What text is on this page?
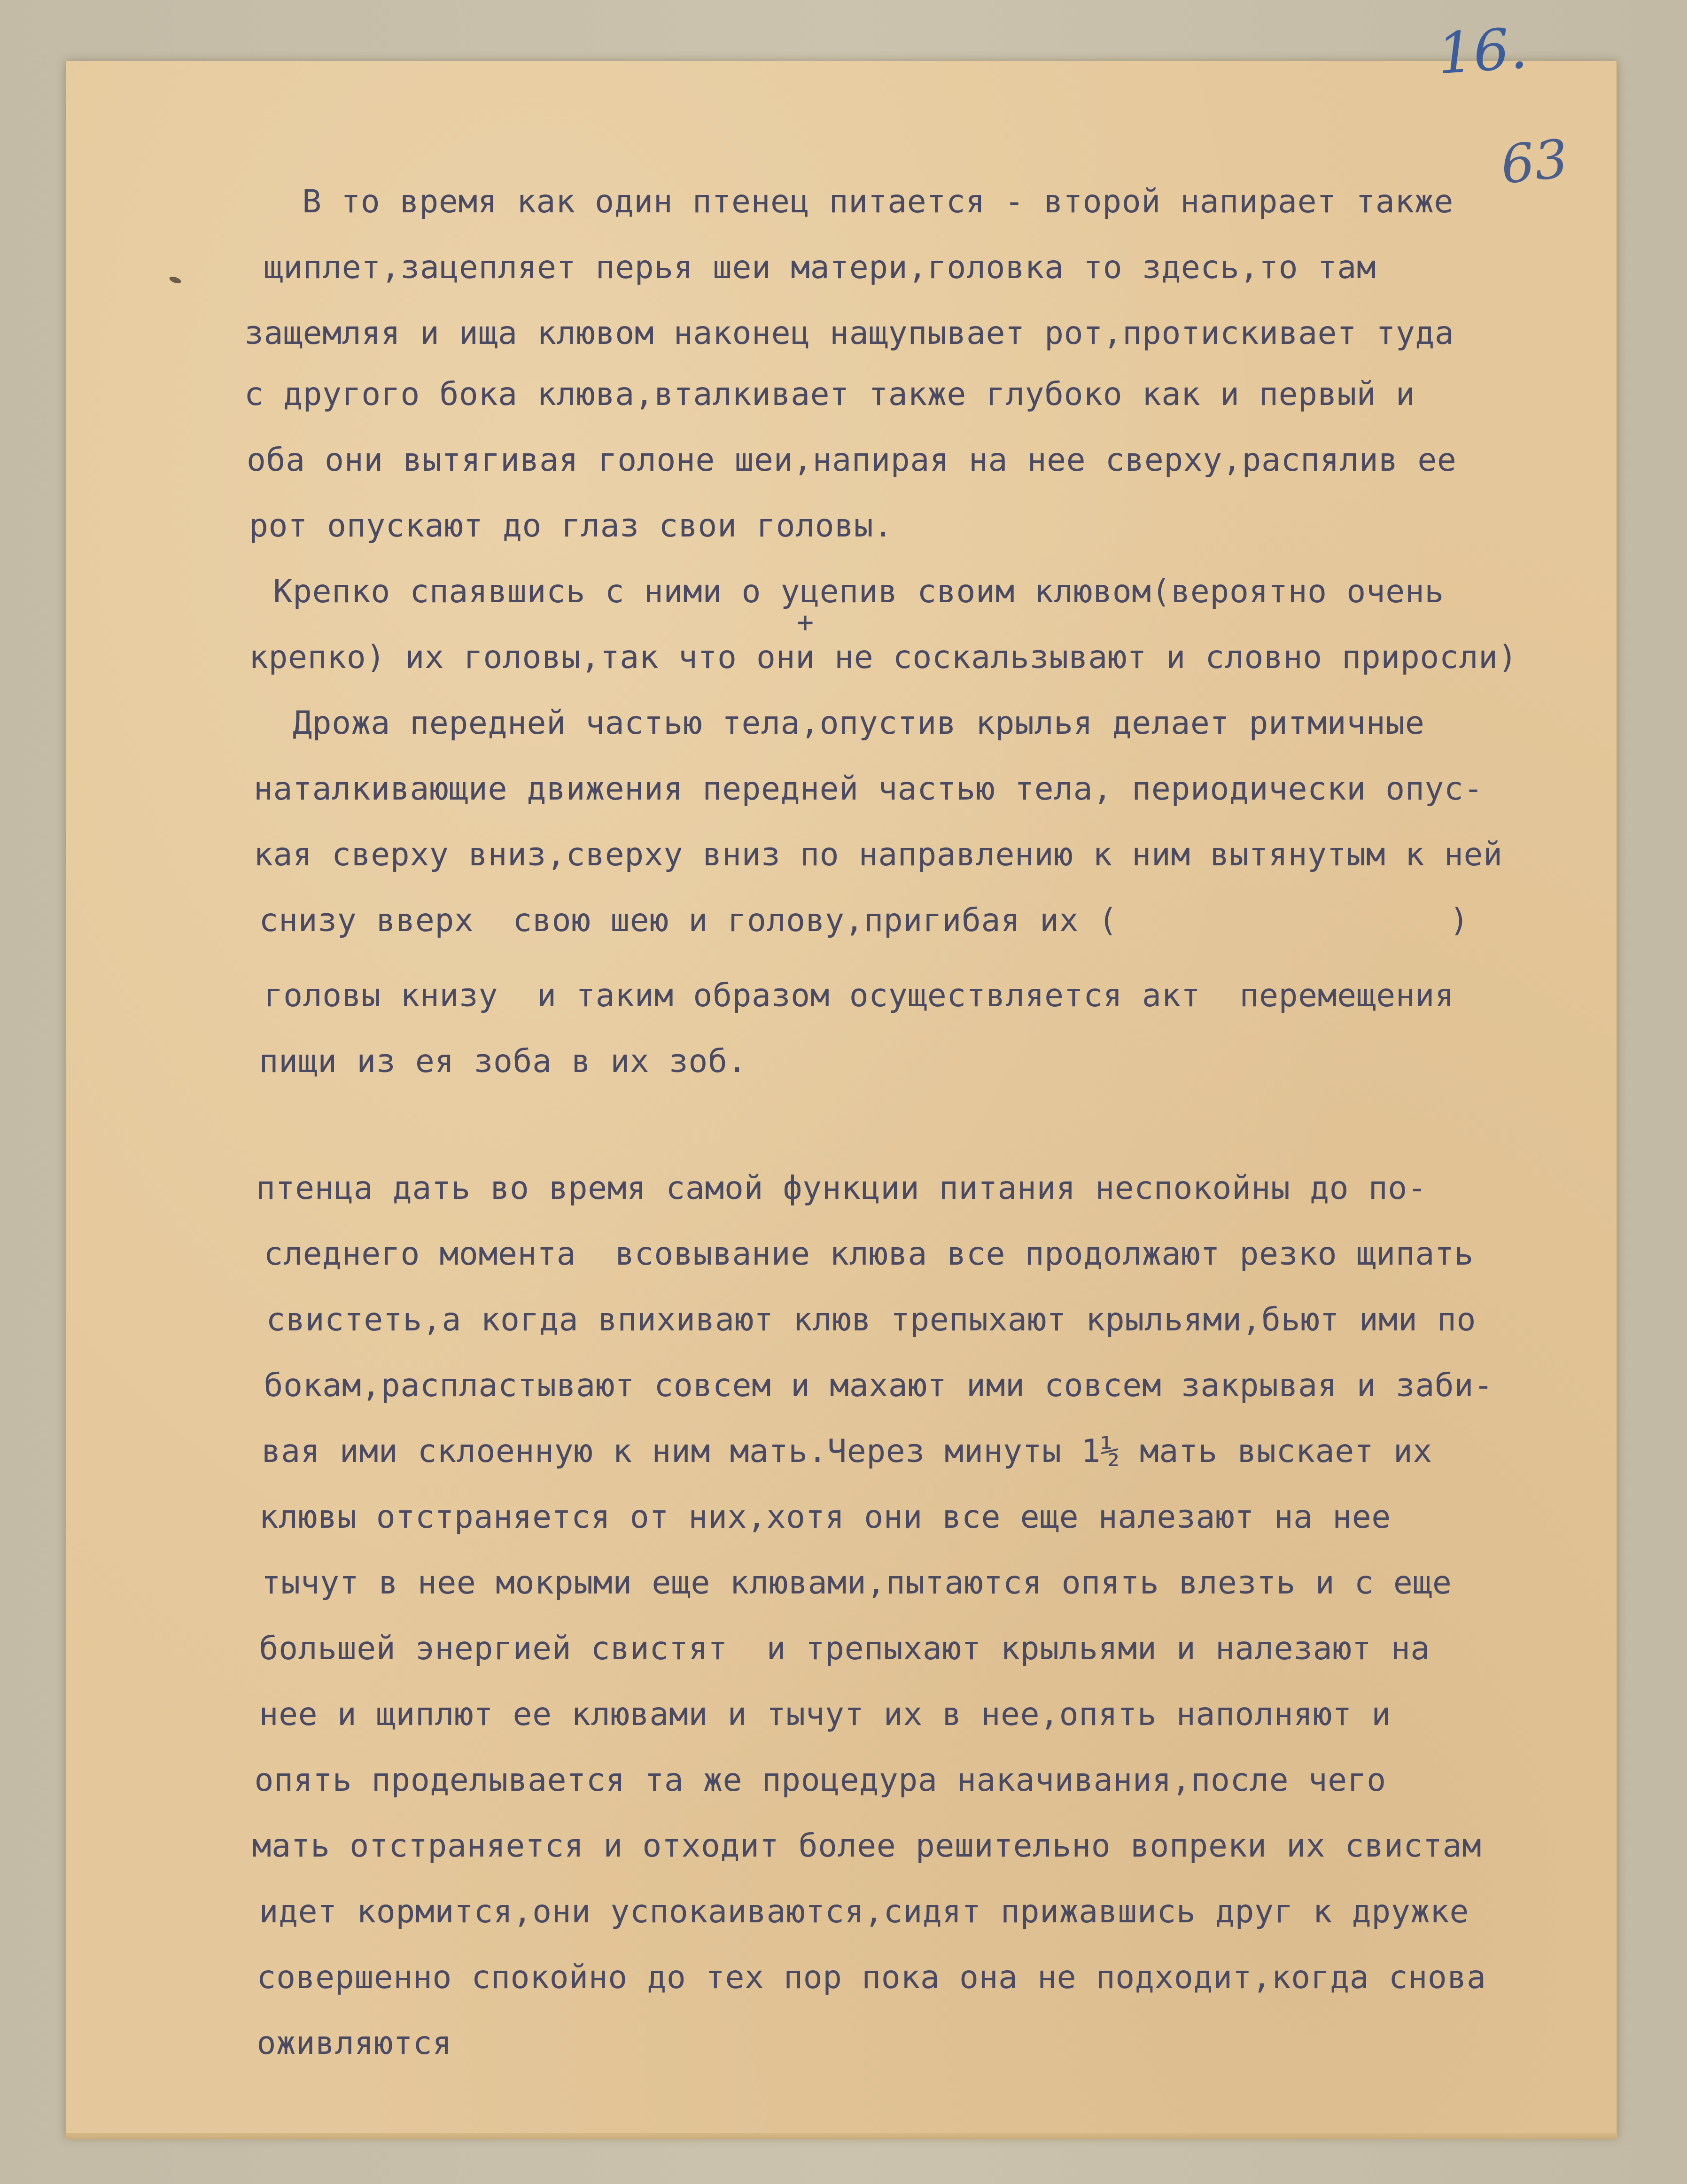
16.
63
В то время как один птенец питается - второй напирает также
щиплет,зацепляет перья шеи матери,головка то здесь,то там
защемляя и ища клювом наконец нащупывает рот,протискивает туда
с другого бока клюва,вталкивает также глубоко как и первый и
оба они вытягивая голоне шеи,напирая на нее сверху,распялив ее
рот опускают до глаз свои головы.
Крепко спаявшись с ними о уцепив своим клювом(вероятно очень
крепко) их головы,так что они не соскальзывают и словно приросли)
Дрожа передней частью тела,опустив крылья делает ритмичные
наталкивающие движения передней частью тела, периодически опус-
кая сверху вниз,сверху вниз по направлению к ним вытянутым к ней
снизу вверх  свою шею и голову,пригибая их (                 )
головы книзу  и таким образом осуществляется акт  перемещения
пищи из ея зоба в их зоб.
+
птенца дать во время самой функции питания неспокойны до по-
следнего момента  всовывание клюва все продолжают резко щипать
свистеть,а когда впихивают клюв трепыхают крыльями,бьют ими по
бокам,распластывают совсем и махают ими совсем закрывая и заби-
вая ими склоенную к ним мать.Через минуты 1½ мать выскает их
клювы отстраняется от них,хотя они все еще налезают на нее
тычут в нее мокрыми еще клювами,пытаются опять влезть и с еще
большей энергией свистят  и трепыхают крыльями и налезают на
нее и щиплют ее клювами и тычут их в нее,опять наполняют и
опять проделывается та же процедура накачивания,после чего
мать отстраняется и отходит более решительно вопреки их свистам
идет кормится,они успокаиваются,сидят прижавшись друг к дружке
совершенно спокойно до тех пор пока она не подходит,когда снова
оживляются
